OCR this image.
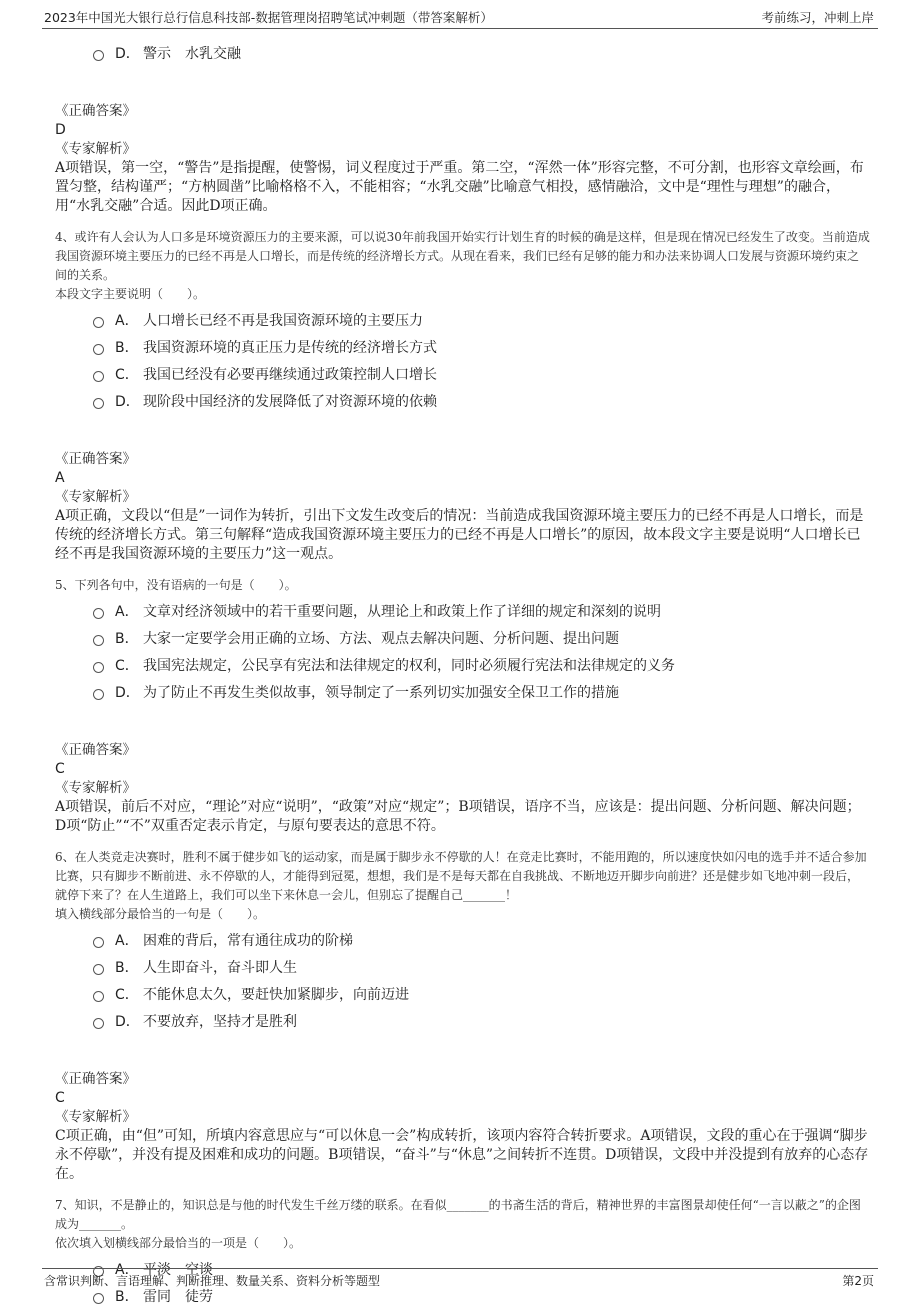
2023年中国光大银行总行信息科技部-数据管理岗招聘笔试冲刺题（带答案解析）	考前练习，冲刺上岸
D． 警示　水乳交融
《正确答案》
D
《专家解析》
A项错误，第一空，“警告”是指提醒，使警惕，词义程度过于严重。第二空，“浑然一体”形容完整，不可分割，也形容文章绘画，布置匀整，结构谨严；“方枘圆凿”比喻格格不入，不能相容；“水乳交融”比喻意气相投，感情融洽，文中是“理性与理想”的融合，用“水乳交融”合适。因此D项正确。
4、或许有人会认为人口多是环境资源压力的主要来源，可以说30年前我国开始实行计划生育的时候的确是这样，但是现在情况已经发生了改变。当前造成我国资源环境主要压力的已经不再是人口增长，而是传统的经济增长方式。从现在看来，我们已经有足够的能力和办法来协调人口发展与资源环境约束之间的关系。
本段文字主要说明（　　）。
A． 人口增长已经不再是我国资源环境的主要压力
B． 我国资源环境的真正压力是传统的经济增长方式
C． 我国已经没有必要再继续通过政策控制人口增长
D． 现阶段中国经济的发展降低了对资源环境的依赖
《正确答案》
A
《专家解析》
A项正确，文段以“但是”一词作为转折，引出下文发生改变后的情况：当前造成我国资源环境主要压力的已经不再是人口增长，而是传统的经济增长方式。第三句解释“造成我国资源环境主要压力的已经不再是人口增长”的原因，故本段文字主要是说明“人口增长已经不再是我国资源环境的主要压力”这一观点。
5、下列各句中，没有语病的一句是（　　）。
A． 文章对经济领域中的若干重要问题，从理论上和政策上作了详细的规定和深刻的说明
B． 大家一定要学会用正确的立场、方法、观点去解决问题、分析问题、提出问题
C． 我国宪法规定，公民享有宪法和法律规定的权利，同时必须履行宪法和法律规定的义务
D． 为了防止不再发生类似故事，领导制定了一系列切实加强安全保卫工作的措施
《正确答案》
C
《专家解析》
A项错误，前后不对应，“理论”对应“说明”，“政策”对应“规定”；B项错误，语序不当，应该是：提出问题、分析问题、解决问题；D项“防止”“不”双重否定表示肯定，与原句要表达的意思不符。
6、在人类竞走决赛时，胜利不属于健步如飞的运动家，而是属于脚步永不停歇的人！在竞走比赛时，不能用跑的，所以速度快如闪电的选手并不适合参加比赛，只有脚步不断前进、永不停歇的人，才能得到冠冕，想想，我们是不是每天都在自我挑战、不断地迈开脚步向前进？还是健步如飞地冲刺一段后，就停下来了？在人生道路上，我们可以坐下来休息一会儿，但别忘了提醒自己_______！
填入横线部分最恰当的一句是（　　）。
A． 困难的背后，常有通往成功的阶梯
B． 人生即奋斗，奋斗即人生
C． 不能休息太久，要赶快加紧脚步，向前迈进
D． 不要放弃，坚持才是胜利
《正确答案》
C
《专家解析》
C项正确，由“但”可知，所填内容意思应与“可以休息一会”构成转折，该项内容符合转折要求。A项错误，文段的重心在于强调“脚步永不停歇”，并没有提及困难和成功的问题。B项错误，“奋斗”与“休息”之间转折不连贯。D项错误，文段中并没提到有放弃的心态存在。
7、知识，不是静止的，知识总是与他的时代发生千丝万缕的联系。在看似_______的书斋生活的背后，精神世界的丰富图景却使任何“一言以蔽之”的企图成为_______。
依次填入划横线部分最恰当的一项是（　　）。
A． 平淡　空谈
B． 雷同　徒劳
含常识判断、言语理解、判断推理、数量关系、资料分析等题型	第2页
